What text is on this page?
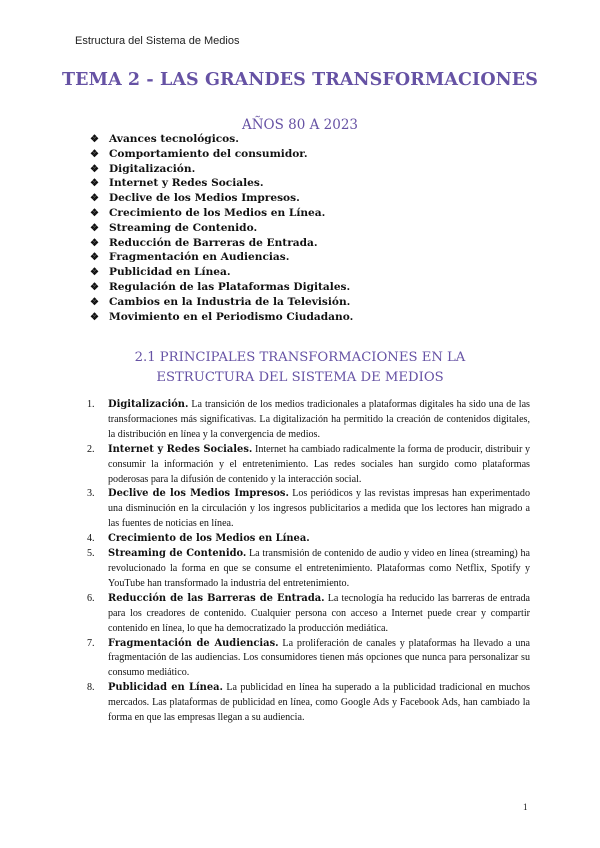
Estructura del Sistema de Medios
TEMA 2 - LAS GRANDES TRANSFORMACIONES
AÑOS 80 A 2023
❖ Avances tecnológicos.
❖ Comportamiento del consumidor.
❖ Digitalización.
❖ Internet y Redes Sociales.
❖ Declive de los Medios Impresos.
❖ Crecimiento de los Medios en Línea.
❖ Streaming de Contenido.
❖ Reducción de Barreras de Entrada.
❖ Fragmentación en Audiencias.
❖ Publicidad en Línea.
❖ Regulación de las Plataformas Digitales.
❖ Cambios en la Industria de la Televisión.
❖ Movimiento en el Periodismo Ciudadano.
2.1 PRINCIPALES TRANSFORMACIONES EN LA
ESTRUCTURA DEL SISTEMA DE MEDIOS
1. Digitalización. La transición de los medios tradicionales a plataformas digitales ha sido una de las transformaciones más significativas. La digitalización ha permitido la creación de contenidos digitales, la distribución en línea y la convergencia de medios.
2. Internet y Redes Sociales. Internet ha cambiado radicalmente la forma de producir, distribuir y consumir la información y el entretenimiento. Las redes sociales han surgido como plataformas poderosas para la difusión de contenido y la interacción social.
3. Declive de los Medios Impresos. Los periódicos y las revistas impresas han experimentado una disminución en la circulación y los ingresos publicitarios a medida que los lectores han migrado a las fuentes de noticias en línea.
4. Crecimiento de los Medios en Línea.
5. Streaming de Contenido. La transmisión de contenido de audio y video en línea (streaming) ha revolucionado la forma en que se consume el entretenimiento. Plataformas como Netflix, Spotify y YouTube han transformado la industria del entretenimiento.
6. Reducción de las Barreras de Entrada. La tecnología ha reducido las barreras de entrada para los creadores de contenido. Cualquier persona con acceso a Internet puede crear y compartir contenido en línea, lo que ha democratizado la producción mediática.
7. Fragmentación de Audiencias. La proliferación de canales y plataformas ha llevado a una fragmentación de las audiencias. Los consumidores tienen más opciones que nunca para personalizar su consumo mediático.
8. Publicidad en Línea. La publicidad en línea ha superado a la publicidad tradicional en muchos mercados. Las plataformas de publicidad en línea, como Google Ads y Facebook Ads, han cambiado la forma en que las empresas llegan a su audiencia.
1
